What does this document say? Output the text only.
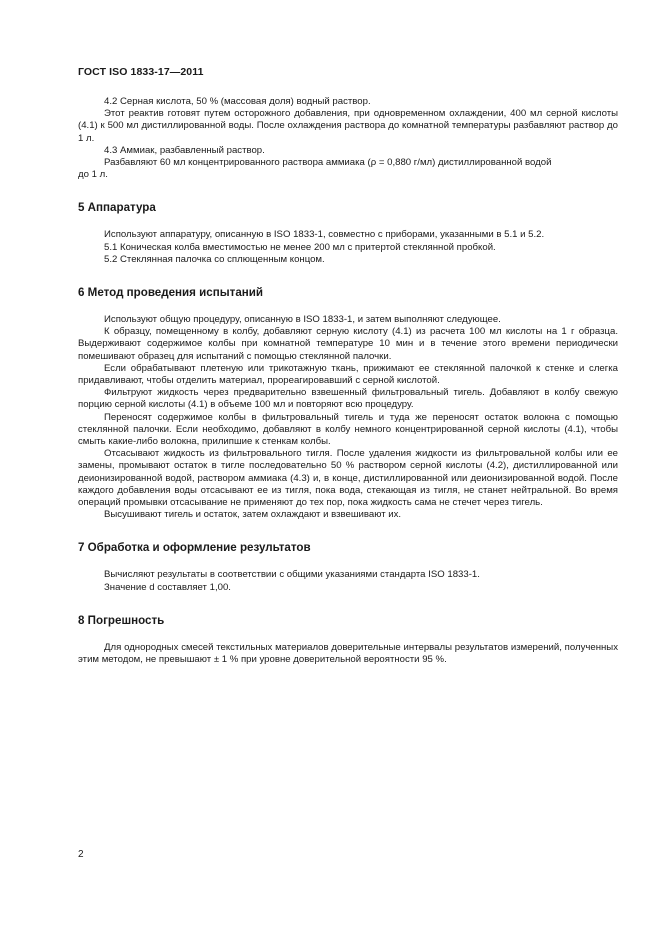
ГОСТ ISO 1833-17—2011

4.2 Серная кислота, 50 % (массовая доля) водный раствор.

Этот реактив готовят путем осторожного добавления, при одновременном охлаждении, 400 мл серной кислоты (4.1) к 500 мл дистиллированной воды. После охлаждения раствора до комнатной температуры разбавляют раствор до 1 л.

4.3 Аммиак, разбавленный раствор.

Разбавляют 60 мл концентрированного раствора аммиака (ρ = 0,880 г/мл) дистиллированной водой

до 1 л.

5 Аппаратура

Используют аппаратуру, описанную в ISO 1833-1, совместно с приборами, указанными в 5.1 и 5.2.

5.1 Коническая колба вместимостью не менее 200 мл с притертой стеклянной пробкой.

5.2 Стеклянная палочка со сплющенным концом.

6 Метод проведения испытаний

Используют общую процедуру, описанную в ISO 1833-1, и затем выполняют следующее.

К образцу, помещенному в колбу, добавляют серную кислоту (4.1) из расчета 100 мл кислоты на 1 г образца. Выдерживают содержимое колбы при комнатной температуре 10 мин и в течение этого времени периодически помешивают образец для испытаний с помощью стеклянной палочки.

Если обрабатывают плетеную или трикотажную ткань, прижимают ее стеклянной палочкой к стенке и слегка придавливают, чтобы отделить материал, прореагировавший с серной кислотой.

Фильтруют жидкость через предварительно взвешенный фильтровальный тигель. Добавляют в колбу свежую порцию серной кислоты (4.1) в объеме 100 мл и повторяют всю процедуру.

Переносят содержимое колбы в фильтровальный тигель и туда же переносят остаток волокна с помощью стеклянной палочки. Если необходимо, добавляют в колбу немного концентрированной серной кислоты (4.1), чтобы смыть какие-либо волокна, прилипшие к стенкам колбы.

Отсасывают жидкость из фильтровального тигля. После удаления жидкости из фильтровальной колбы или ее замены, промывают остаток в тигле последовательно 50 % раствором серной кислоты (4.2), дистиллированной или деионизированной водой, раствором аммиака (4.3) и, в конце, дистиллированной или деионизированной водой. После каждого добавления воды отсасывают ее из тигля, пока вода, стекающая из тигля, не станет нейтральной. Во время операций промывки отсасывание не применяют до тех пор, пока жидкость сама не стечет через тигель.

Высушивают тигель и остаток, затем охлаждают и взвешивают их.

7 Обработка и оформление результатов

Вычисляют результаты в соответствии с общими указаниями стандарта ISO 1833-1.

Значение d составляет 1,00.

8 Погрешность

Для однородных смесей текстильных материалов доверительные интервалы результатов измерений, полученных этим методом, не превышают ± 1 % при уровне доверительной вероятности 95 %.

2
